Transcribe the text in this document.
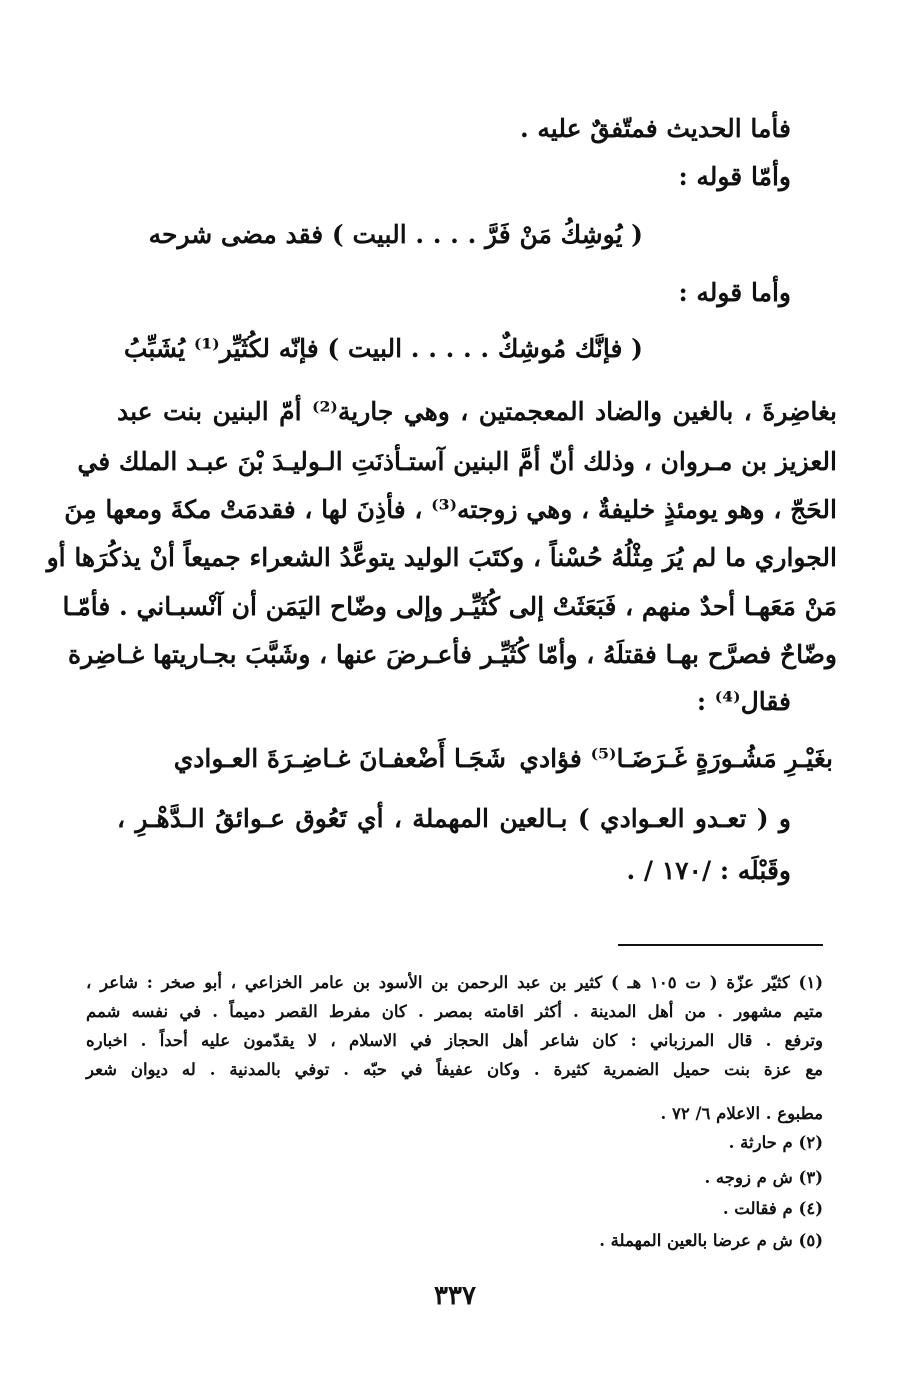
فأما الحديث فمتّفقٌ عليه .
وأمّا قوله :
( يُوشِكُ مَنْ فَرَّ . . . . البيت ) فقد مضى شرحه
وأما قوله :
( فإنَّك مُوشِكٌ . . . . . البيت ) فإنّه لكُثَيِّر⁽¹⁾ يُشَبِّبُ
بغاضِرةَ ، بالغين والضاد المعجمتين ، وهي جارية⁽²⁾ أمّ البنين بنت عبد
العزيز بن مـروان ، وذلك أنّ أمَّ البنين آستـأذنَتِ الـوليـدَ بْنَ عبـد الملك في
الحَجّ ، وهو يومئذٍ خليفةٌ ، وهي زوجته⁽³⁾ ، فأذِنَ لها ، فقدمَتْ مكةَ ومعها مِنَ
الجواري ما لم يُرَ مِثْلُهُ حُسْناً ، وكتَبَ الوليد يتوعَّدُ الشعراء جميعاً أنْ يذكُرَها أو
مَنْ مَعَهـا أحدٌ منهم ، فَبَعَثَتْ إلى كُثَيِّـر وإلى وضّاح اليَمَن أن آنْسبـاني . فأمّـا
وضّاحٌ فصرَّح بهـا فقتلَهُ ، وأمّا كُثَيِّـر فأعـرضَ عنها ، وشَبَّبَ بجـاريتها غـاضِرة
فقال⁽⁴⁾ :
شَجَـا أَضْعفـانَ غـاضِـرَةَ العـوادي بغَيْـرِ مَشُـورَةٍ غَـرَضَـا⁽⁵⁾ فؤادي
و ( تعـدو العـوادي ) بـالعين المهملة ، أي تَعُوق عـوائقُ الـدَّهْـرِ ،
وقَبْلَه : /١٧٠ / .
(١) كثيّر عزّة ( ت ١٠٥ هـ ) كثير بن عبد الرحمن بن الأسود بن عامر الخزاعي ، أبو صخر : شاعر ،
متيم مشهور . من أهل المدينة . أكثر اقامته بمصر . كان مفرط القصر دميماً . في نفسه شمم
وترفع . قال المرزباني : كان شاعر أهل الحجاز في الاسلام ، لا يقدّمون عليه أحداً . اخباره
مع عزة بنت حميل الضمرية كثيرة . وكان عفيفاً في حبّه . توفي بالمدنية . له ديوان شعر
مطبوع . الاعلام ٦/ ٧٢ .
(٢) م حارثة .
(٣) ش م زوجه .
(٤) م فقالت .
(٥) ش م عرضا بالعين المهملة .
٣٣٧
